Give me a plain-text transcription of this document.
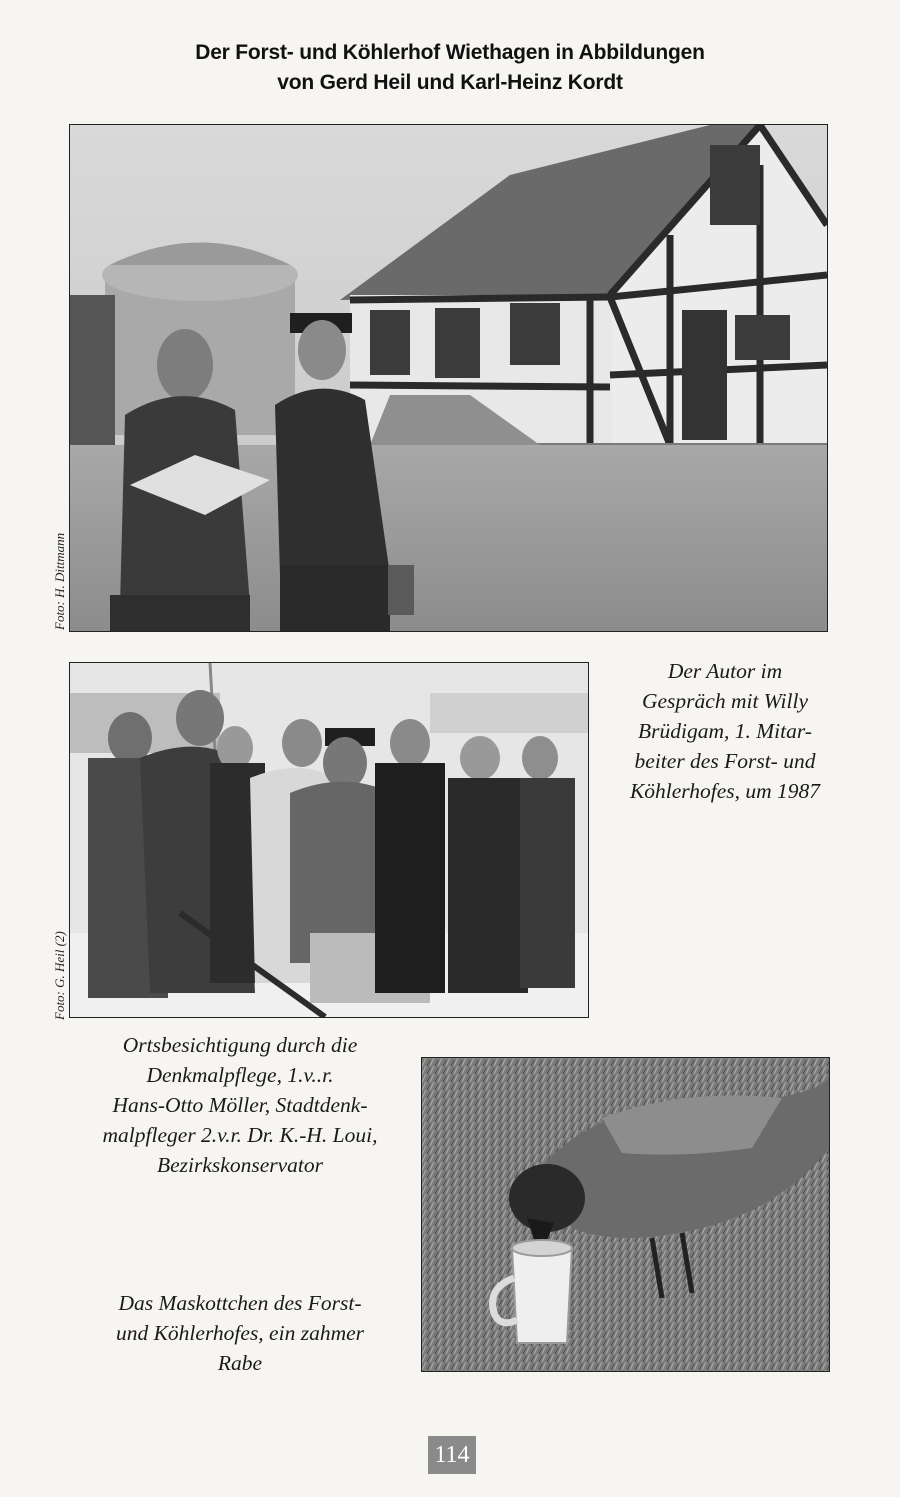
Der Forst- und Köhlerhof Wiethagen in Abbildungen
von Gerd Heil und Karl-Heinz Kordt
Foto: H. Dittmann
Foto: G. Heil (2)
Der Autor im
Gespräch mit Willy
Brüdigam, 1. Mitar-
beiter des Forst- und
Köhlerhofes, um 1987
Ortsbesichtigung durch die
Denkmalpflege, 1.v..r.
Hans-Otto Möller, Stadtdenk-
malpfleger 2.v.r. Dr. K.-H. Loui,
Bezirkskonservator
Das Maskottchen des Forst-
und Köhlerhofes, ein zahmer
Rabe
114
